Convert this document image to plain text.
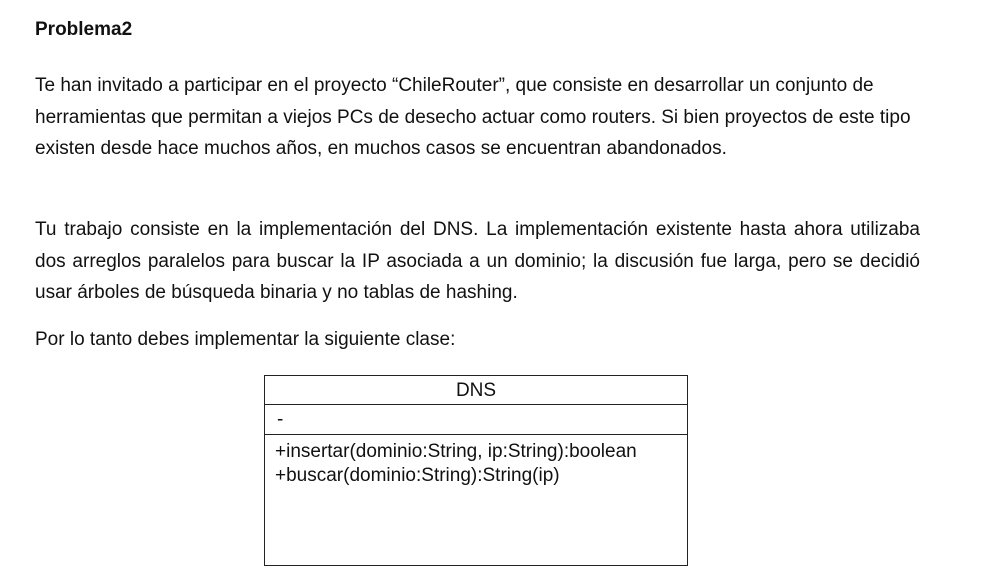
Problema2

Te han invitado a participar en el proyecto “ChileRouter”, que consiste en desarrollar un conjunto de herramientas que permitan a viejos PCs de desecho actuar como routers. Si bien proyectos de este tipo existen desde hace muchos años, en muchos casos se encuentran abandonados.

Tu trabajo consiste en la implementación del DNS. La implementación existente hasta ahora utilizaba dos arreglos paralelos para buscar la IP asociada a un dominio; la discusión fue larga, pero se decidió usar árboles de búsqueda binaria y no tablas de hashing.

Por lo tanto debes implementar la siguiente clase:

DNS
-
+insertar(dominio:String, ip:String):boolean
+buscar(dominio:String):String(ip)
